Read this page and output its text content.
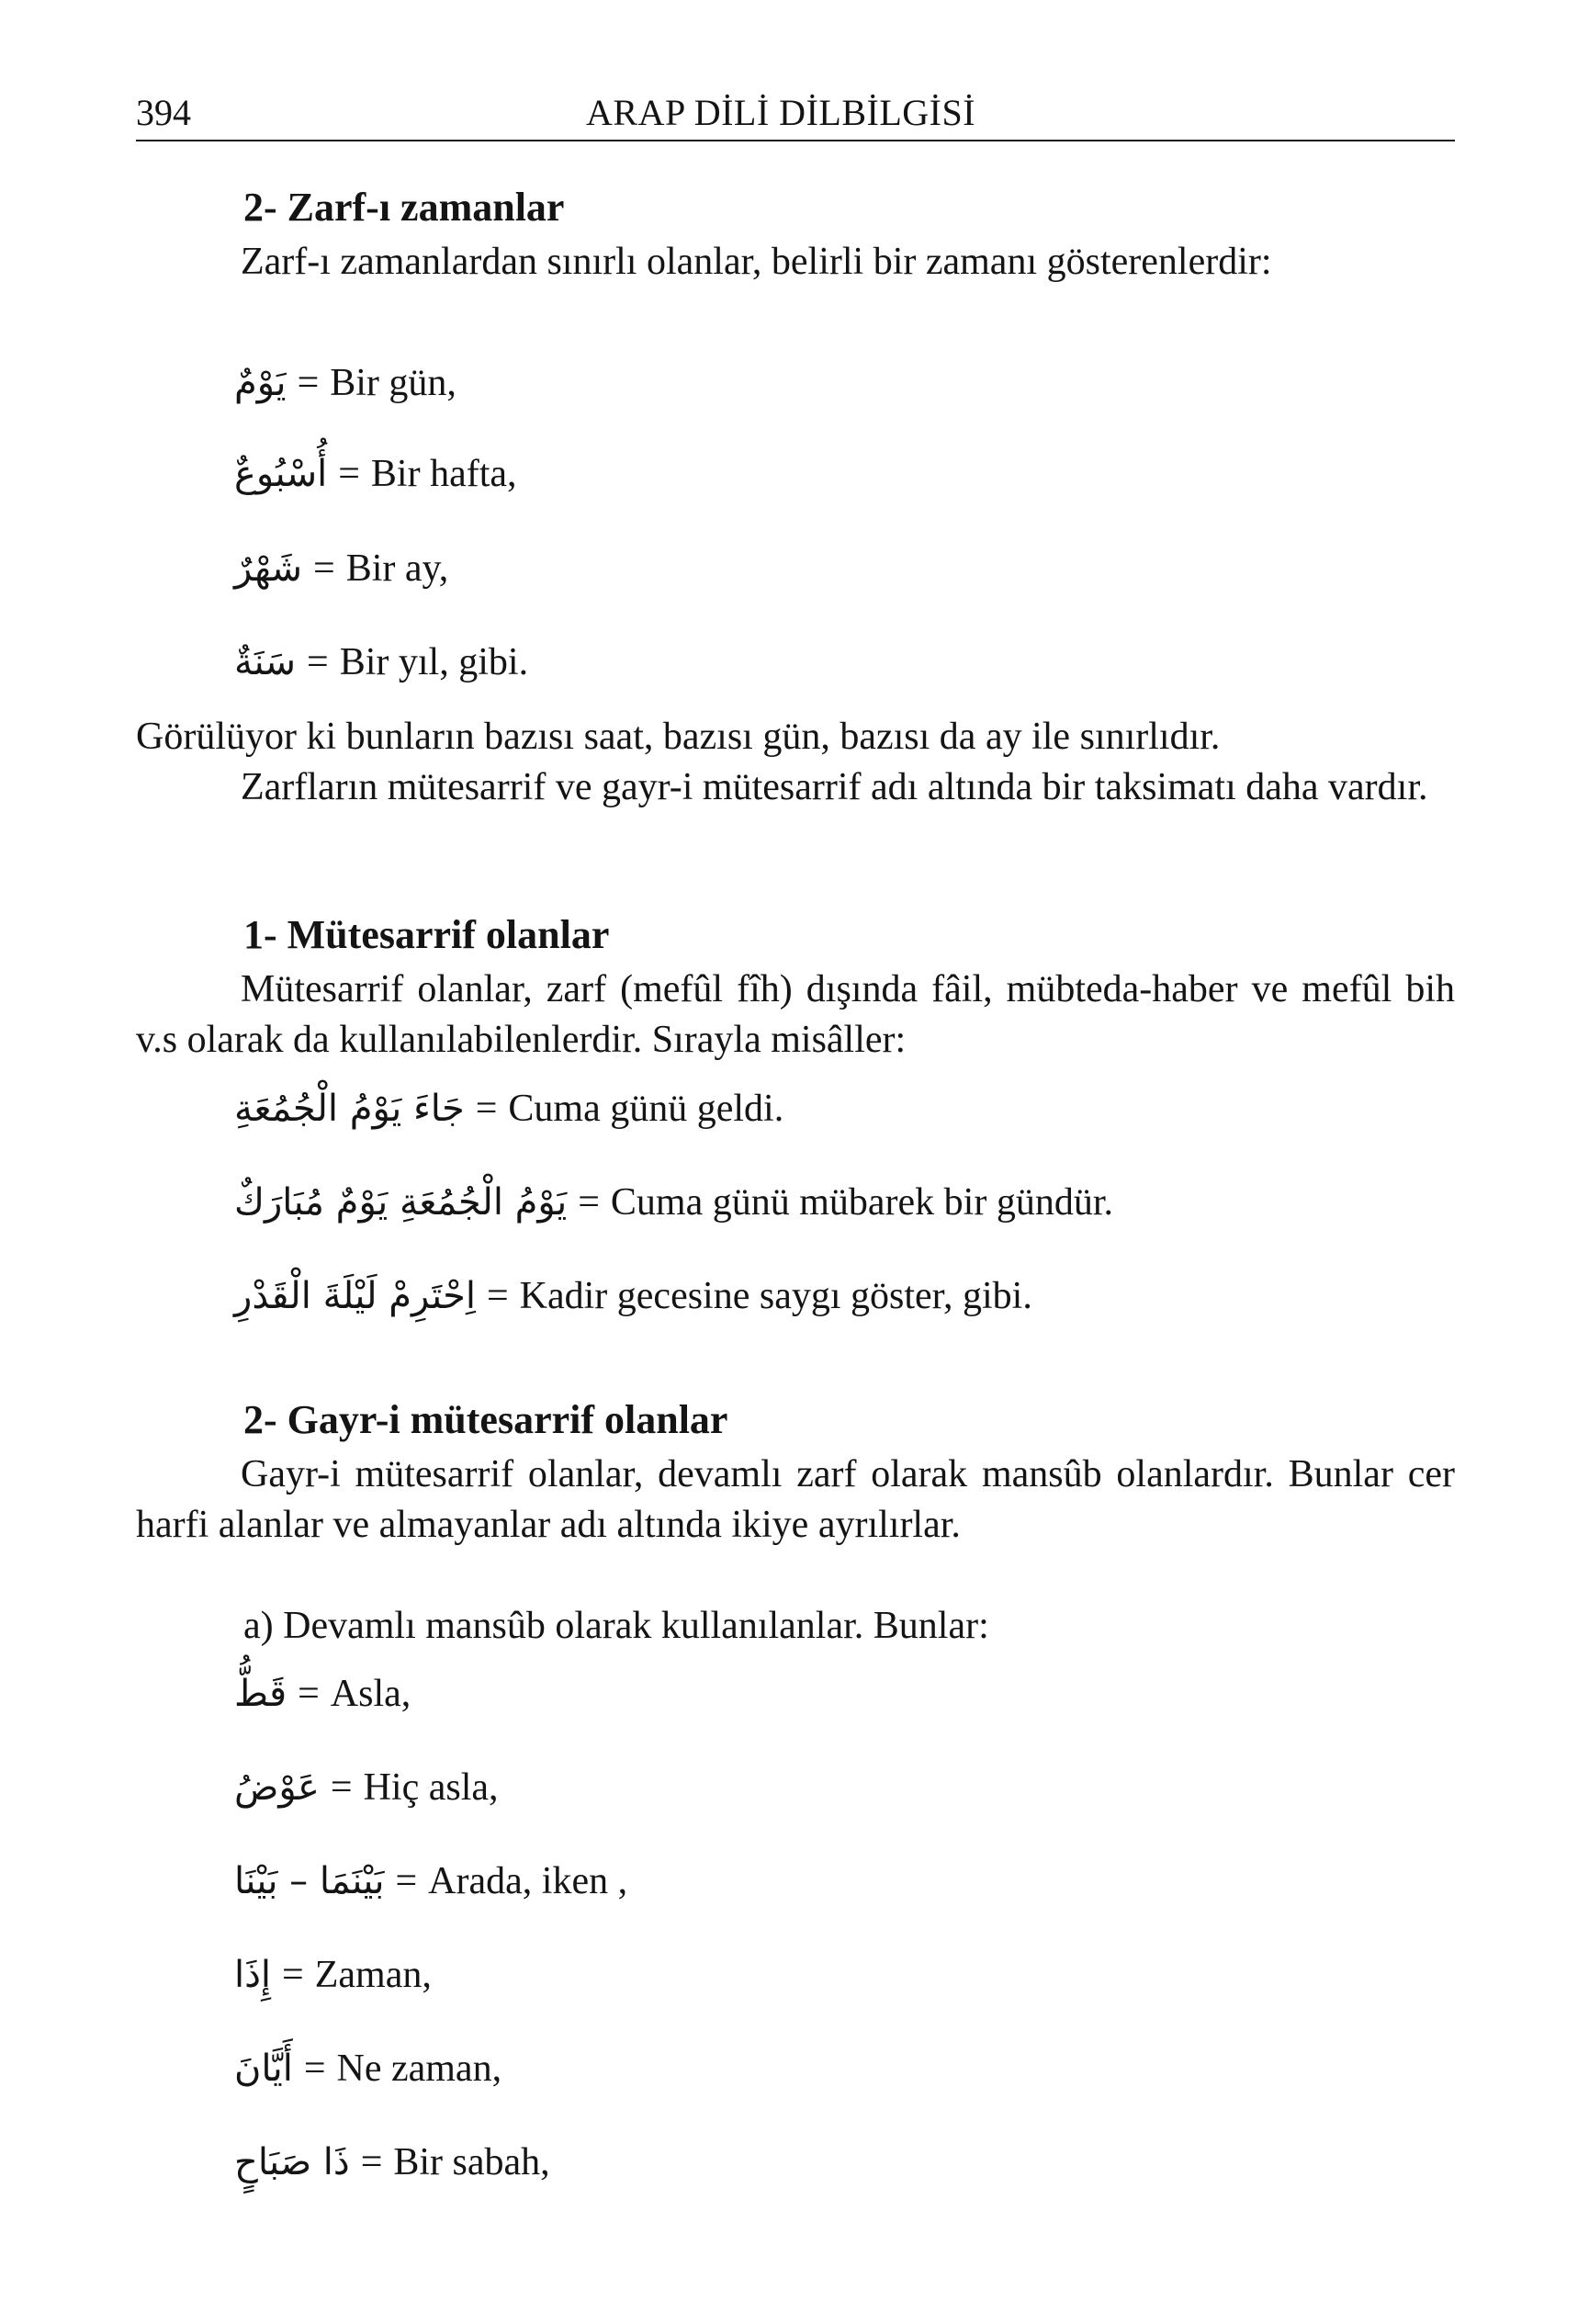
394	ARAP DİLİ DİLBİLGİSİ
2- Zarf-ı zamanlar
Zarf-ı zamanlardan sınırlı olanlar, belirli bir zamanı gösterenlerdir:
يَوْمٌ = Bir gün,
أُسْبُوعٌ = Bir hafta,
شَهْرٌ = Bir ay,
سَنَةٌ = Bir yıl, gibi.
Görülüyor ki bunların bazısı saat, bazısı gün, bazısı da ay ile sınırlıdır.
Zarfların mütesarrif ve gayr-i mütesarrif adı altında bir taksimatı daha vardır.
1- Mütesarrif olanlar
Mütesarrif olanlar, zarf (mefûl fîh) dışında fâil, mübteda-haber ve mefûl bih v.s olarak da kullanılabilenlerdir. Sırayla misâller:
جَاءَ يَوْمُ الْجُمُعَةِ = Cuma günü geldi.
يَوْمُ الْجُمُعَةِ يَوْمٌ مُبَارَكٌ = Cuma günü mübarek bir gündür.
اِحْتَرِمْ لَيْلَةَ الْقَدْرِ = Kadir gecesine saygı göster, gibi.
2- Gayr-i mütesarrif olanlar
Gayr-i mütesarrif olanlar, devamlı zarf olarak mansûb olanlardır. Bunlar cer harfi alanlar ve almayanlar adı altında ikiye ayrılırlar.
a) Devamlı mansûb olarak kullanılanlar. Bunlar:
قَطُّ = Asla,
عَوْضُ = Hiç asla,
بَيْنَمَا – بَيْنَا = Arada, iken ,
إِذَا = Zaman,
أَيَّانَ = Ne zaman,
ذَا صَبَاحٍ = Bir sabah,
